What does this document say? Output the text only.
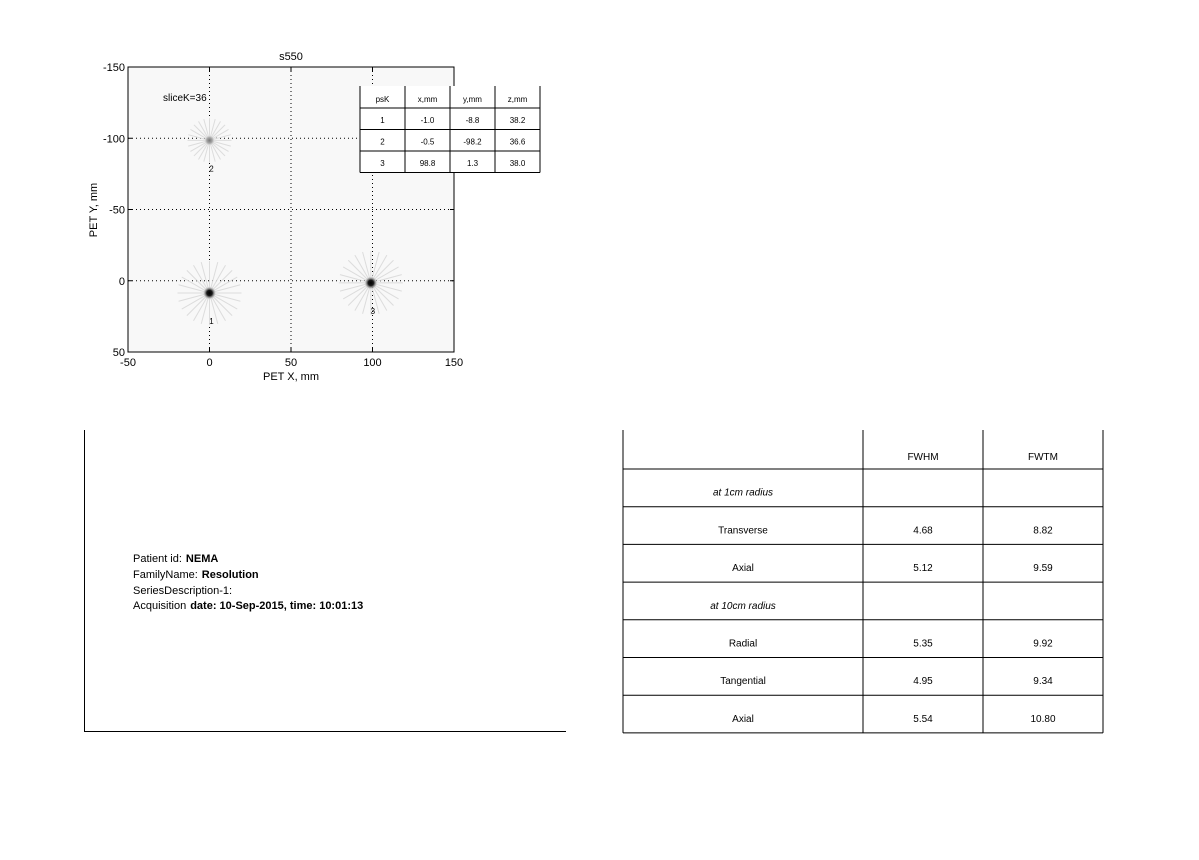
-50	0	50	100	150
-150
-100
-50
0
50
1
2
3
s550
PET X, mm
PET Y, mm
sliceK=36	psK	x,mm	y,mm	z,mm
1	-1.0	-8.8	38.2
2	-0.5	-98.2	36.6
3	98.8	1.3	38.0
Patient id: NEMA
FamilyName: Resolution
SeriesDescription-1:
Acquisition date: 10-Sep-2015, time: 10:01:13
FWHM	FWTM
at 1cm radius
Transverse	4.68	8.82
Axial	5.12	9.59
at 10cm radius
Radial	5.35	9.92
Tangential	4.95	9.34
Axial	5.54	10.80
